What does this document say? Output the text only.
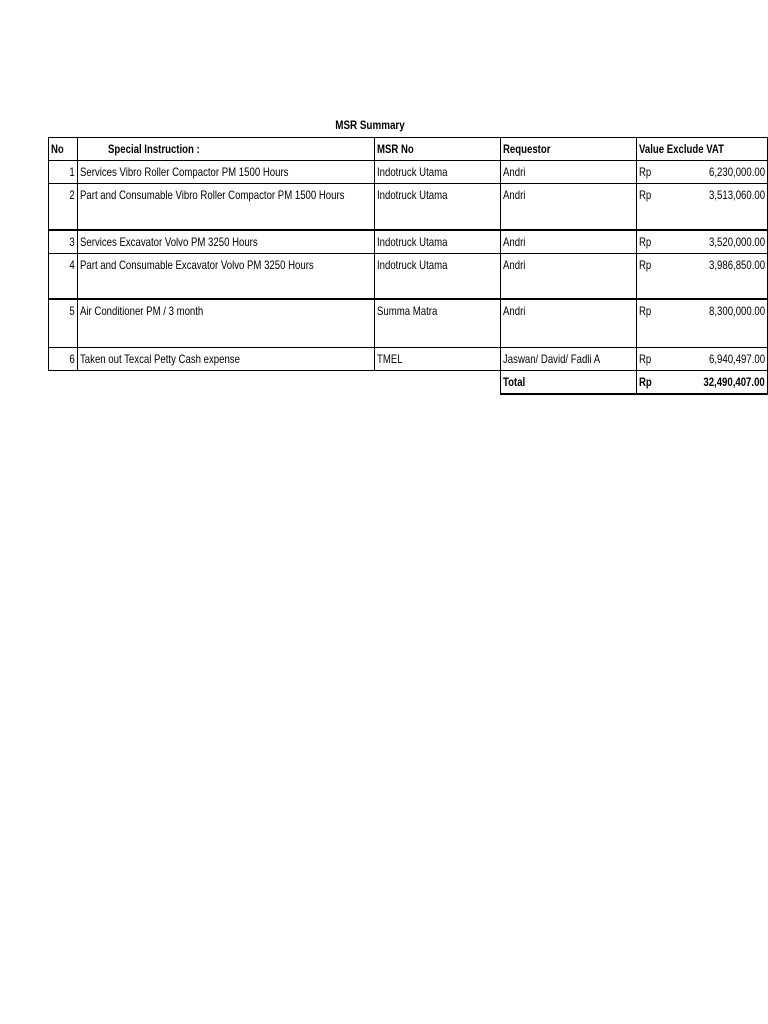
MSR Summary
No	Special Instruction :	MSR No	Requestor	Value Exclude VAT	
1	Services Vibro Roller Compactor PM 1500 Hours	Indotruck Utama	Andri	Rp	6,230,000.00
2	Part and Consumable Vibro Roller Compactor PM 1500 Hours	Indotruck Utama	Andri	Rp	3,513,060.00
3	Services Excavator Volvo PM 3250 Hours	Indotruck Utama	Andri	Rp	3,520,000.00
4	Part and Consumable Excavator Volvo PM 3250 Hours	Indotruck Utama	Andri	Rp	3,986,850.00
5	Air Conditioner PM / 3 month	Summa Matra	Andri	Rp	8,300,000.00
6	Taken out Texcal Petty Cash expense	TMEL	Jaswan/ David/ Fadli A	Rp	6,940,497.00
			Total	Rp	32,490,407.00
